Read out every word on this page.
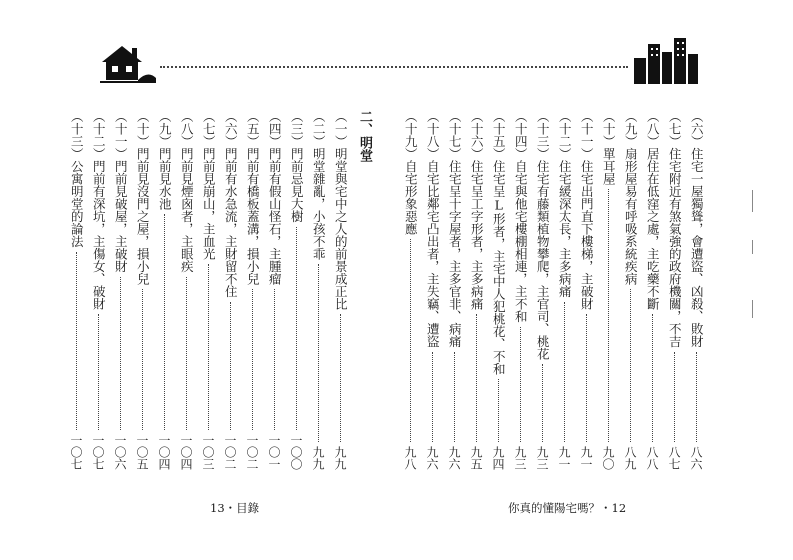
（六）住宅一屋獨聳，會遭盜、凶殺、敗財
八六
（七）住宅附近有煞氣強的政府機關，不吉
八七
（八）居住在低窪之處，主吃藥不斷
八八
（九）扇形屋易有呼吸系統疾病
八九
（十）單耳屋
九〇
（十一）住宅出門直下樓梯，主破財
九一
（十二）住宅緩深太長，主多病痛
九一
（十三）住宅有藤類植物攀爬，主官司、桃花
九三
（十四）自宅與他宅樓棚相連，主不和
九三
（十五）住宅呈L形者，主宅中人犯桃花、不和
九四
（十六）住宅呈工字形者，主多病痛
九五
（十七）住宅呈十字屋者，主多官非、病痛
九六
（十八）自宅比鄰宅凸出者，主失竊、遭盜
九六
（十九）自宅形象惡應
九八
二、明堂
（一）明堂與宅中之人的前景成正比
九九
（二）明堂雜亂，小孩不乖
九九
（三）門前忌見大樹
一〇〇
（四）門前有假山怪石，主腫瘤
一〇一
（五）門前有橋板蓋溝，損小兒
一〇二
（六）門前有水急流，主財留不住
一〇二
（七）門前見崩山，主血光
一〇三
（八）門前見煙囪者，主眼疾
一〇四
（九）門前見水池
一〇四
（十）門前見沒門之屋，損小兒
一〇五
（十一）門前見破屋，主破財
一〇六
（十二）門前有深坑，主傷女、破財
一〇七
（十三）公寓明堂的論法
一〇七
13・目錄	你真的懂陽宅嗎？・12
